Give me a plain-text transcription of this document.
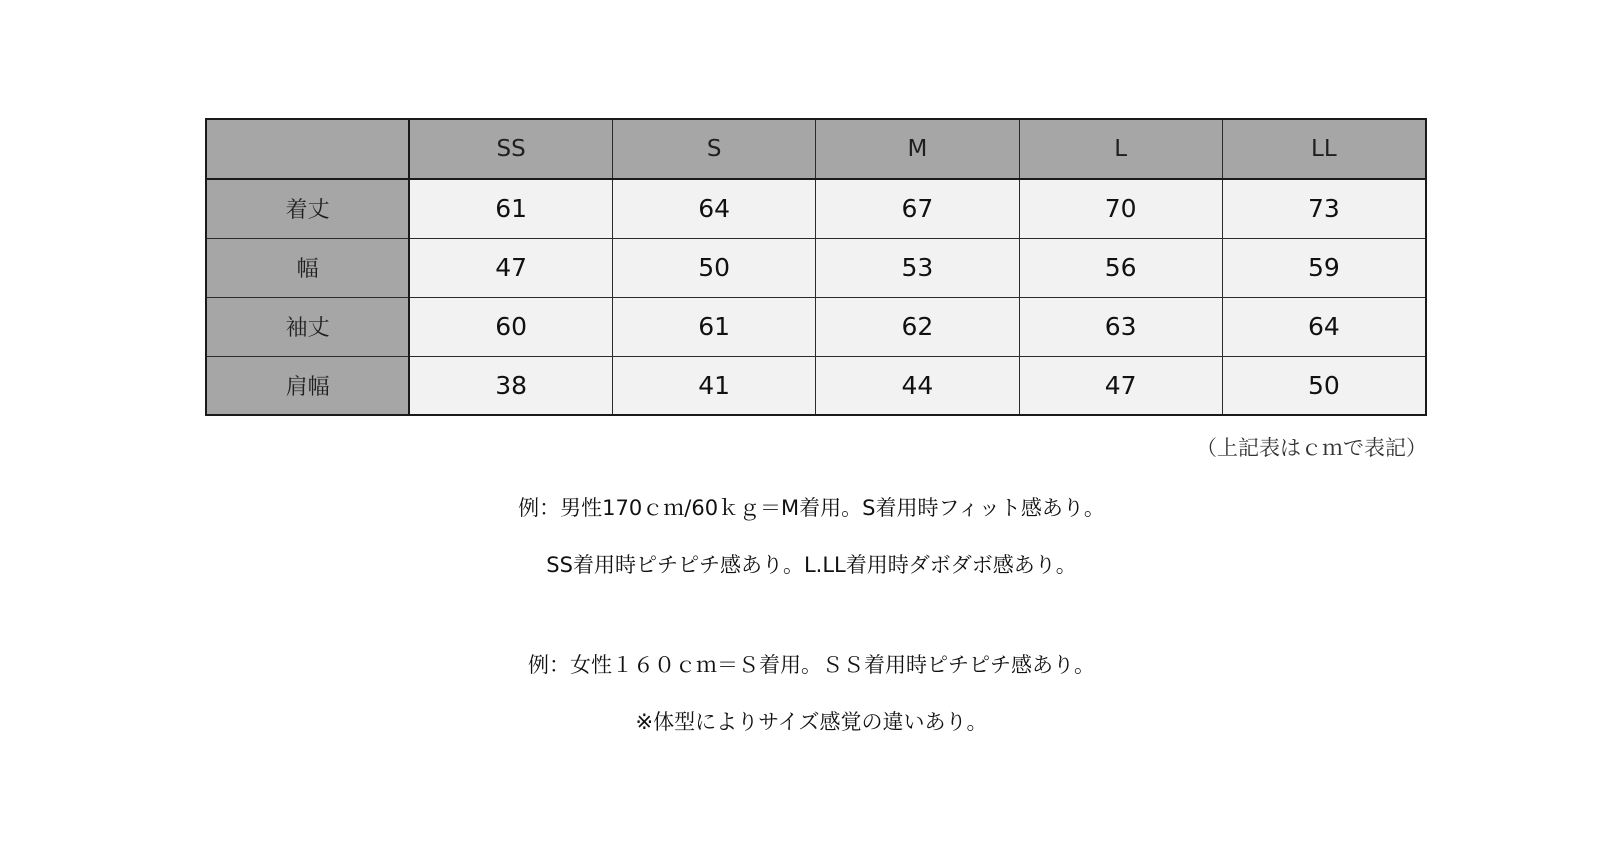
	SS	S	M	L	LL
着丈	61	64	67	70	73
幅	47	50	53	56	59
袖丈	60	61	62	63	64
肩幅	38	41	44	47	50
（上記表はｃｍで表記）
例：男性170ｃｍ/60ｋｇ＝M着用。S着用時フィット感あり。
SS着用時ピチピチ感あり。L.LL着用時ダボダボ感あり。
例：女性１６０ｃｍ＝Ｓ着用。ＳＳ着用時ピチピチ感あり。
※体型によりサイズ感覚の違いあり。
